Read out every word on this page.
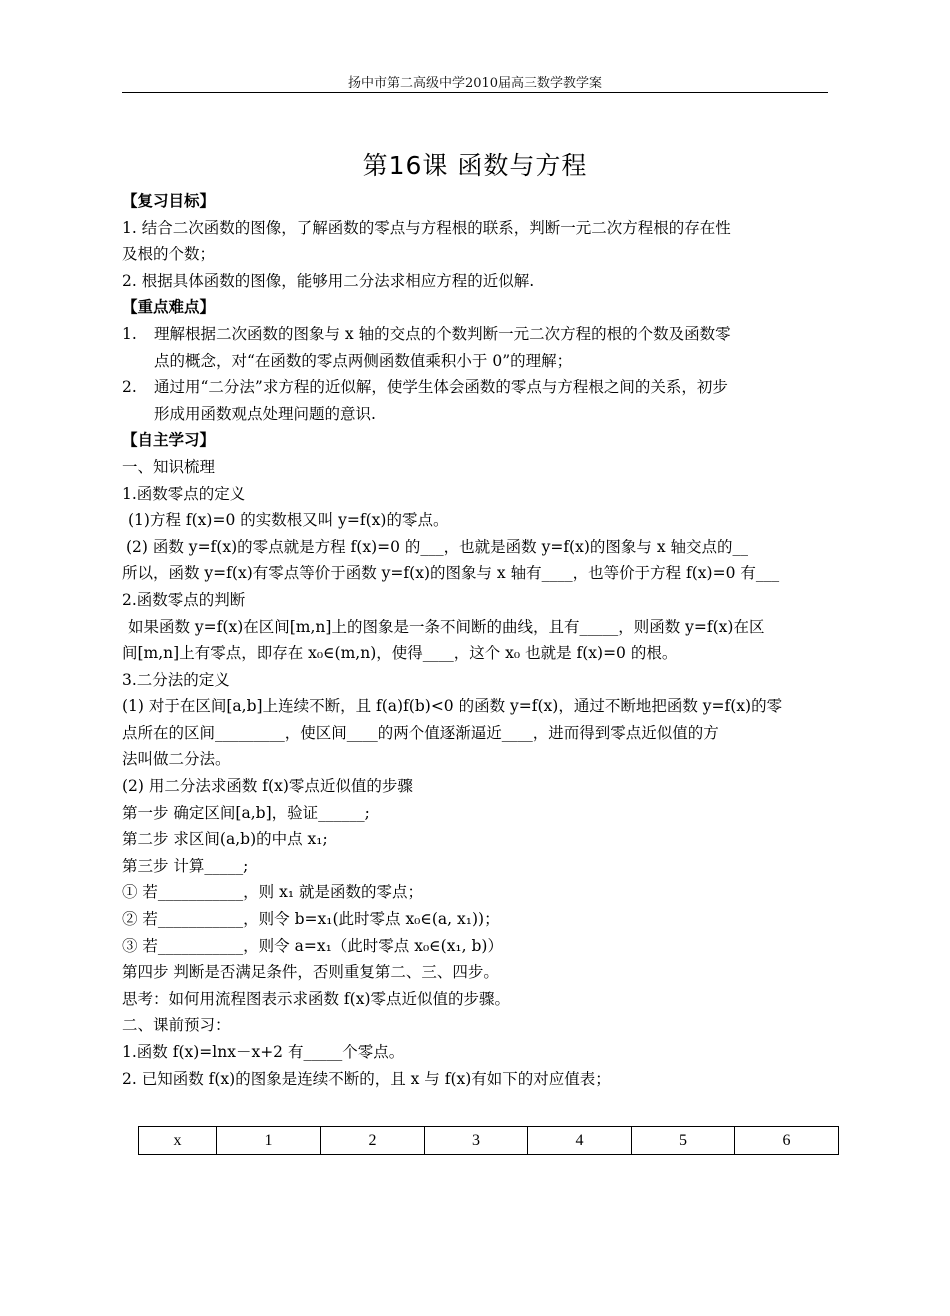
扬中市第二高级中学2010届高三数学教学案
第16课 函数与方程
【复习目标】
1. 结合二次函数的图像，了解函数的零点与方程根的联系，判断一元二次方程根的存在性
及根的个数；
2. 根据具体函数的图像，能够用二分法求相应方程的近似解.
【重点难点】
1. 理解根据二次函数的图象与 x 轴的交点的个数判断一元二次方程的根的个数及函数零
点的概念，对“在函数的零点两侧函数值乘积小于 0”的理解；
2. 通过用“二分法”求方程的近似解，使学生体会函数的零点与方程根之间的关系，初步
形成用函数观点处理问题的意识.
【自主学习】
一、知识梳理
1.函数零点的定义
(1)方程 f(x)=0 的实数根又叫 y=f(x)的零点。
(2) 函数 y=f(x)的零点就是方程 f(x)=0 的___，也就是函数 y=f(x)的图象与 x 轴交点的__
所以，函数 y=f(x)有零点等价于函数 y=f(x)的图象与 x 轴有____，也等价于方程 f(x)=0 有___
2.函数零点的判断
如果函数 y=f(x)在区间[m,n]上的图象是一条不间断的曲线，且有_____，则函数 y=f(x)在区
间[m,n]上有零点，即存在 x₀∈(m,n)，使得____，这个 x₀ 也就是 f(x)=0 的根。
3.二分法的定义
(1) 对于在区间[a,b]上连续不断，且 f(a)f(b)<0 的函数 y=f(x)，通过不断地把函数 y=f(x)的零
点所在的区间_________，使区间____的两个值逐渐逼近____，进而得到零点近似值的方
法叫做二分法。
(2) 用二分法求函数 f(x)零点近似值的步骤
第一步 确定区间[a,b]，验证______;
第二步 求区间(a,b)的中点 x₁;
第三步 计算_____;
① 若___________，则 x₁ 就是函数的零点；
② 若___________，则令 b=x₁(此时零点 x₀∈(a, x₁))；
③ 若___________，则令 a=x₁（此时零点 x₀∈(x₁, b)）
第四步 判断是否满足条件，否则重复第二、三、四步。
思考：如何用流程图表示求函数 f(x)零点近似值的步骤。
二、课前预习：
1.函数 f(x)=lnx－x+2 有_____个零点。
2. 已知函数 f(x)的图象是连续不断的，且 x 与 f(x)有如下的对应值表；
x	1	2	3	4	5	6
